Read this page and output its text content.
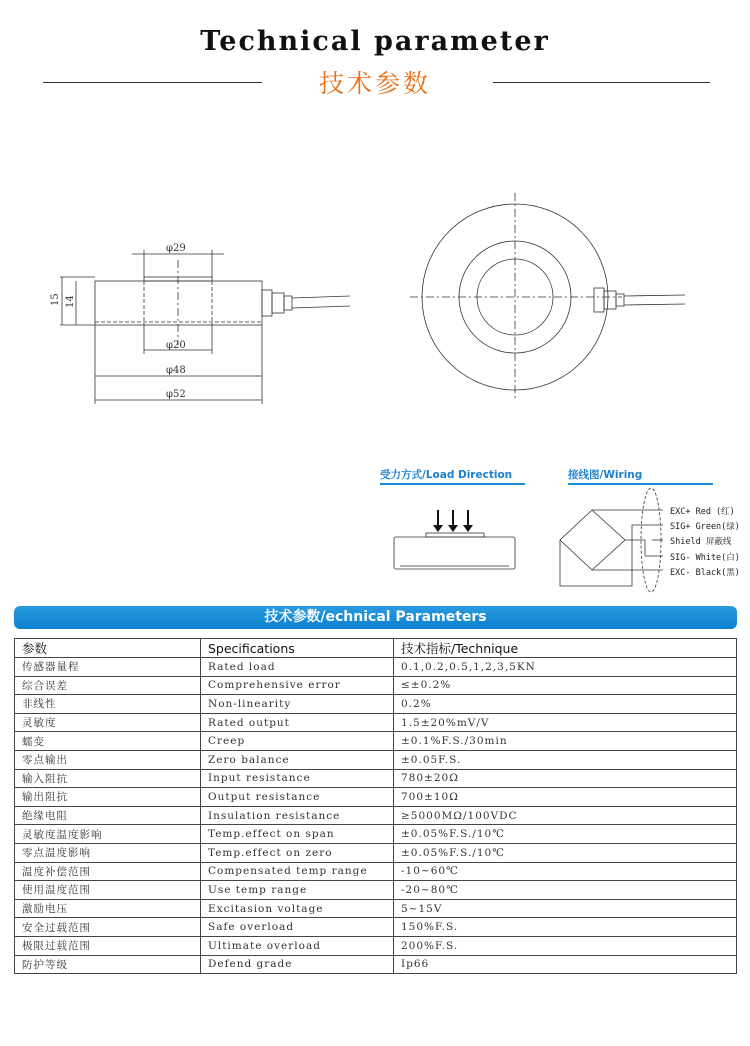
Technical parameter
技术参数
φ29
φ20
φ48
φ52
15 14
受力方式/Load Direction	接线图/Wiring
EXC+ Red (红)
SIG+ Green(绿)
Shield 屏蔽线
SIG- White(白)
EXC- Black(黑)
技术参数/echnical Parameters
参数	Specifications	技术指标/Technique
传感器量程	Rated load	0.1,0.2,0.5,1,2,3,5KN
综合误差	Comprehensive error	≤±0.2%
非线性	Non-linearity	0.2%
灵敏度	Rated output	1.5±20%mV/V
蠕变	Creep	±0.1%F.S./30min
零点输出	Zero balance	±0.05F.S.
输入阻抗	Input resistance	780±20Ω
输出阻抗	Output resistance	700±10Ω
绝缘电阻	Insulation resistance	≥5000MΩ/100VDC
灵敏度温度影响	Temp.effect on span	±0.05%F.S./10℃
零点温度影响	Temp.effect on zero	±0.05%F.S./10℃
温度补偿范围	Compensated temp range	-10~60℃
使用温度范围	Use temp range	-20~80℃
激励电压	Excitasion voltage	5~15V
安全过载范围	Safe overload	150%F.S.
极限过载范围	Ultimate overload	200%F.S.
防护等级	Defend grade	Ip66
